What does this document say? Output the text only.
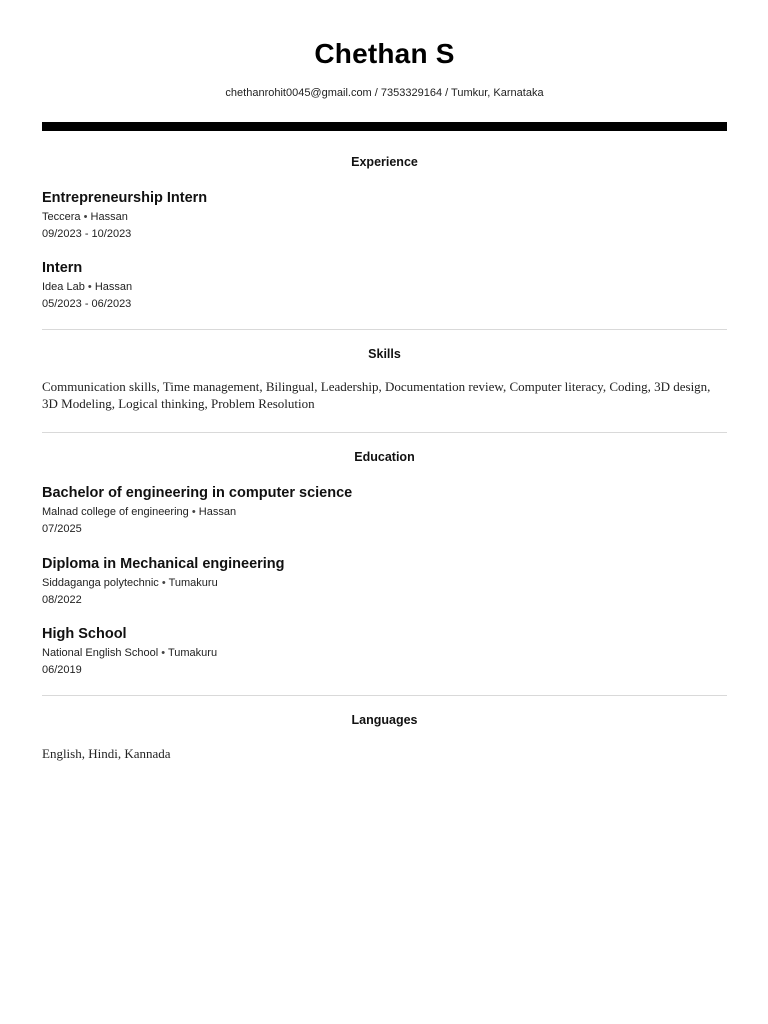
Chethan S
chethanrohit0045@gmail.com / 7353329164 / Tumkur, Karnataka
Experience
Entrepreneurship Intern
Teccera • Hassan
09/2023 - 10/2023
Intern
Idea Lab • Hassan
05/2023 - 06/2023
Skills
Communication skills, Time management, Bilingual, Leadership, Documentation review, Computer literacy, Coding, 3D design, 3D Modeling, Logical thinking, Problem Resolution
Education
Bachelor of engineering in computer science
Malnad college of engineering • Hassan
07/2025
Diploma in Mechanical engineering
Siddaganga polytechnic • Tumakuru
08/2022
High School
National English School • Tumakuru
06/2019
Languages
English, Hindi, Kannada
